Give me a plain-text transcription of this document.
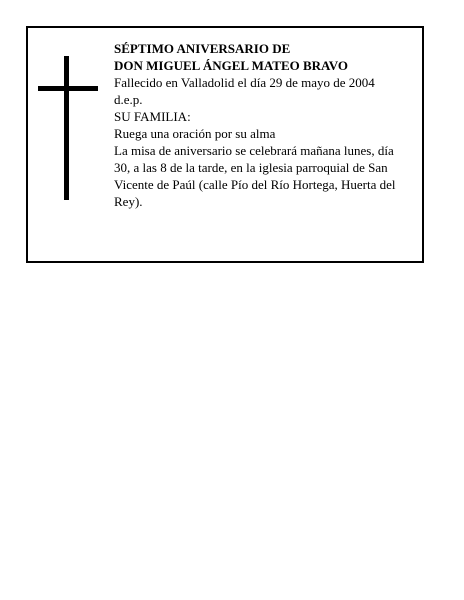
SÉPTIMO ANIVERSARIO DE
DON MIGUEL ÁNGEL MATEO BRAVO
Fallecido en Valladolid el día 29 de mayo de 2004
d.e.p.
SU FAMILIA:
Ruega una oración por su alma
La misa de aniversario se celebrará mañana lunes, día 30, a las 8 de la tarde, en la iglesia parroquial de San Vicente de Paúl (calle Pío del Río Hortega, Huerta del Rey).
